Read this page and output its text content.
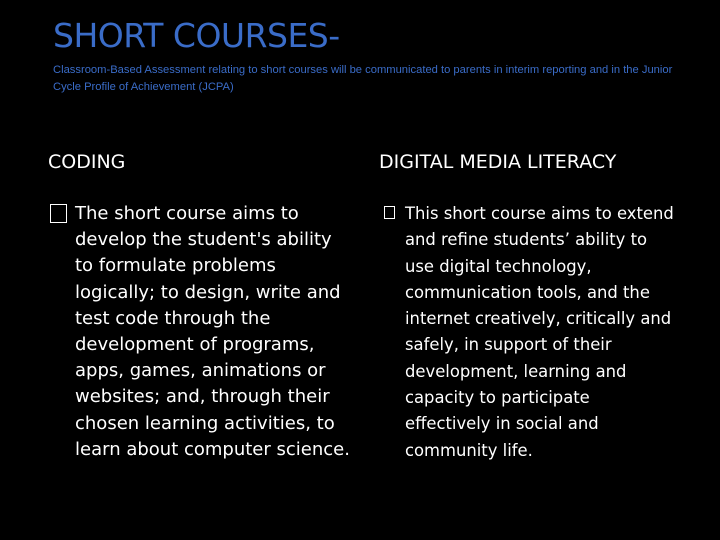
SHORT COURSES-

Classroom-Based Assessment relating to short courses will be communicated to parents in interim reporting and in the Junior Cycle Profile of Achievement (JCPA)

CODING	DIGITAL MEDIA LITERACY

The short course aims to develop the student's ability to formulate problems logically; to design, write and test code through the development of programs, apps, games, animations or websites; and, through their chosen learning activities, to learn about computer science.

This short course aims to extend and refine students’ ability to use digital technology, communication tools, and the internet creatively, critically and safely, in support of their development, learning and capacity to participate effectively in social and community life.
